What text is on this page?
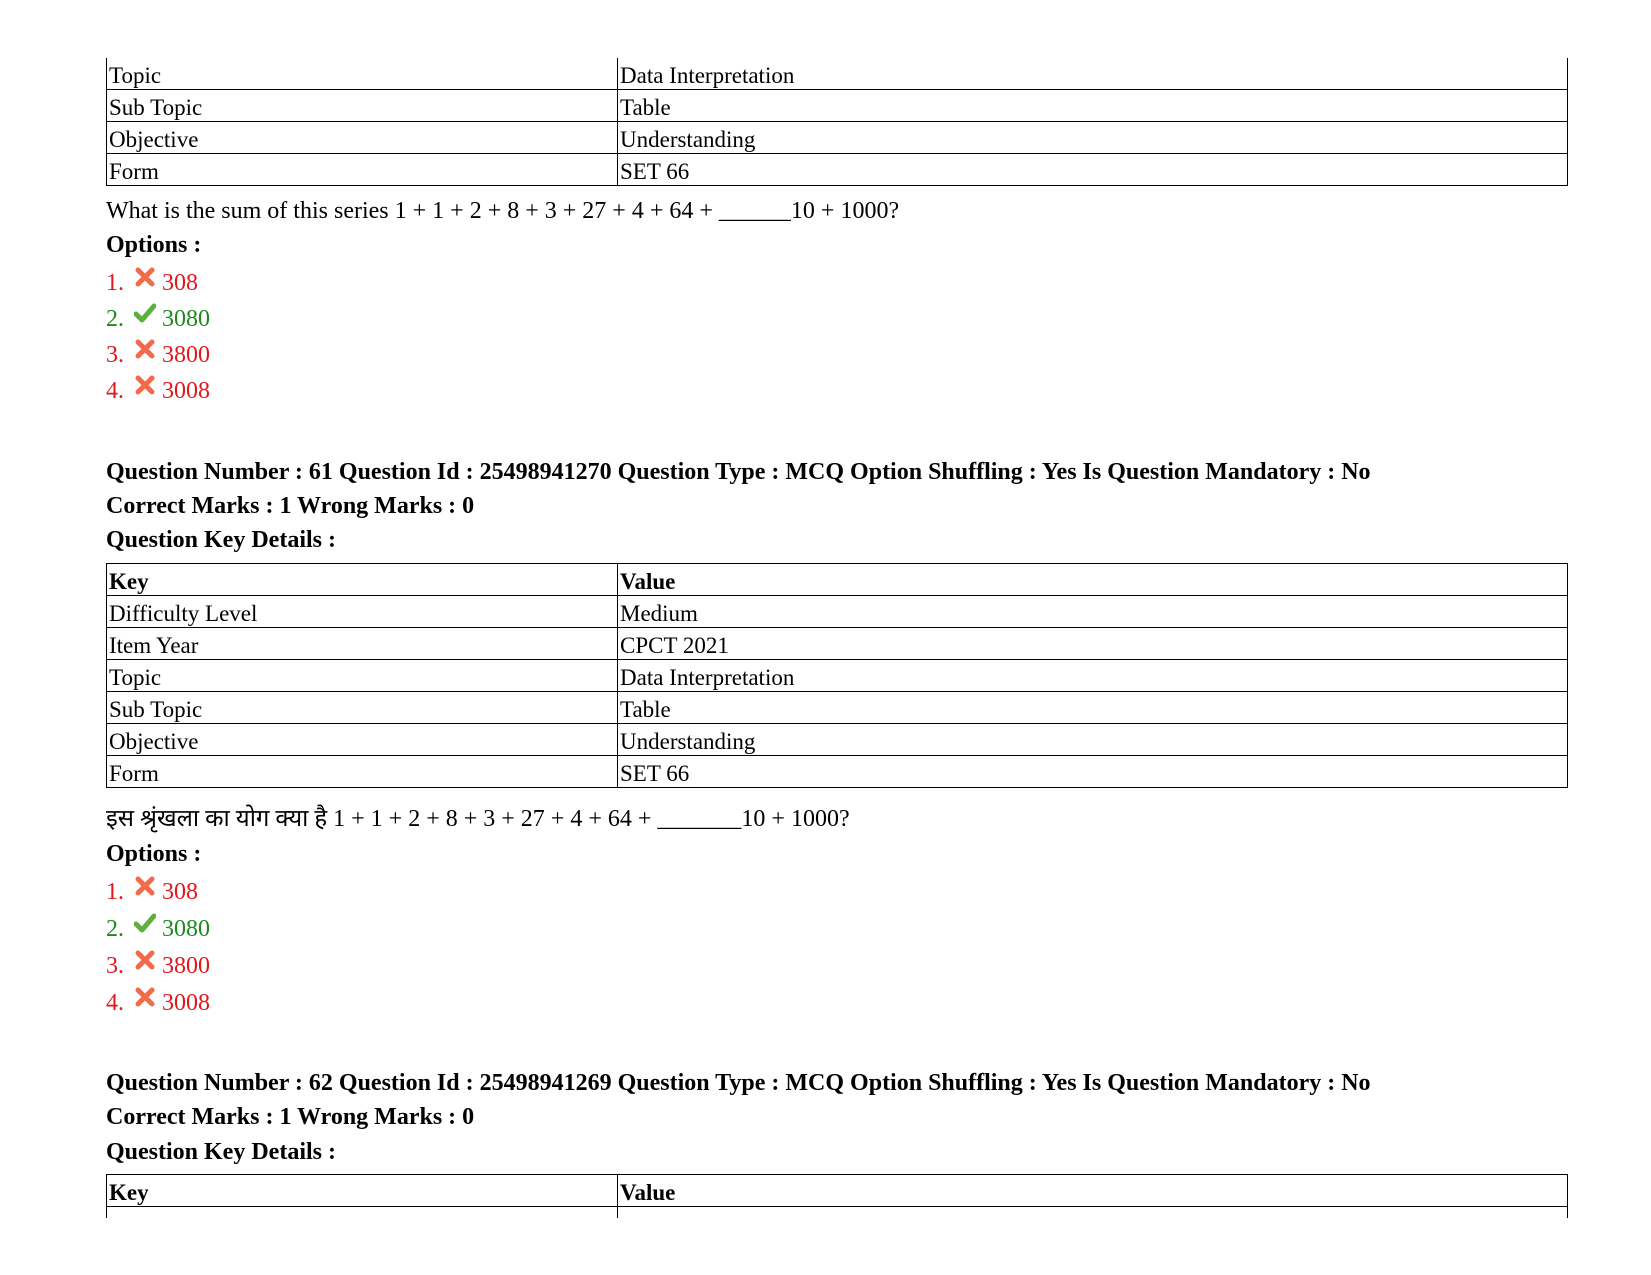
Topic	Data Interpretation
Sub Topic	Table
Objective	Understanding
Form	SET 66
What is the sum of this series 1 + 1 + 2 + 8 + 3 + 27 + 4 + 64 + ______10 + 1000?
Options :
1. 308
2. 3080
3. 3800
4. 3008
Question Number : 61 Question Id : 25498941270 Question Type : MCQ Option Shuffling : Yes Is Question Mandatory : No
Correct Marks : 1 Wrong Marks : 0
Question Key Details :
Key	Value
Difficulty Level	Medium
Item Year	CPCT 2021
Topic	Data Interpretation
Sub Topic	Table
Objective	Understanding
Form	SET 66
इस श्रृंखला का योग क्या है 1 + 1 + 2 + 8 + 3 + 27 + 4 + 64 + _______10 + 1000?
Options :
1. 308
2. 3080
3. 3800
4. 3008
Question Number : 62 Question Id : 25498941269 Question Type : MCQ Option Shuffling : Yes Is Question Mandatory : No
Correct Marks : 1 Wrong Marks : 0
Question Key Details :
Key	Value
